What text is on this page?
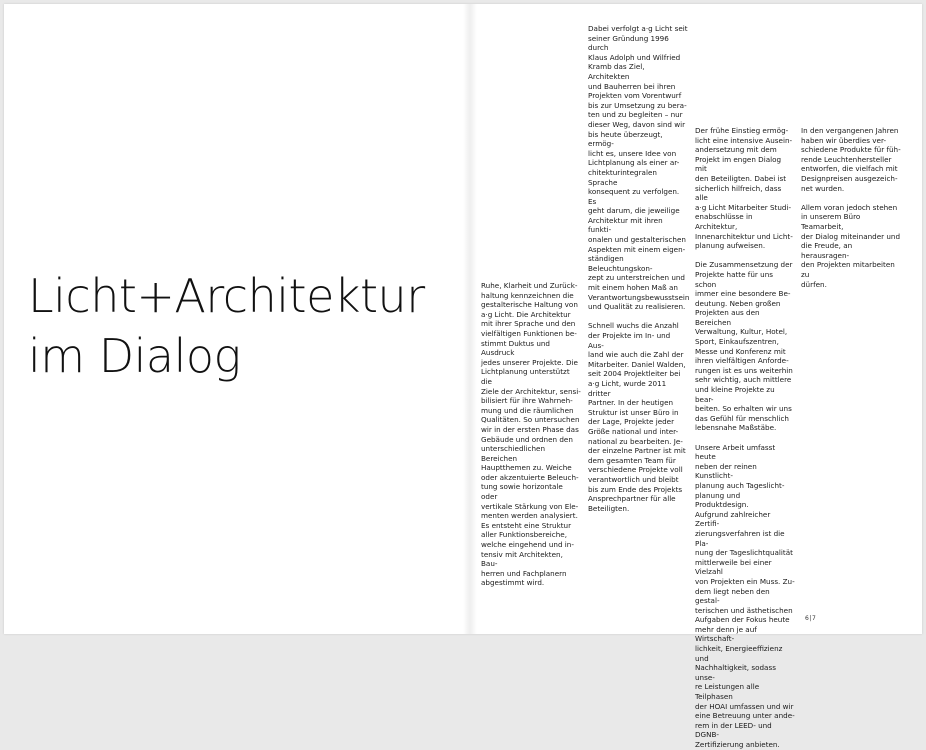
Licht+Architektur
im Dialog

Ruhe, Klarheit und Zurück-
haltung kennzeichnen die
gestalterische Haltung von
a·g Licht. Die Architektur
mit ihrer Sprache und den
vielfältigen Funktionen be-
stimmt Duktus und Ausdruck
jedes unserer Projekte. Die
Lichtplanung unterstützt die
Ziele der Architektur, sensi-
bilisiert für ihre Wahrneh-
mung und die räumlichen
Qualitäten. So untersuchen
wir in der ersten Phase das
Gebäude und ordnen den
unterschiedlichen Bereichen
Hauptthemen zu. Weiche
oder akzentuierte Beleuch-
tung sowie horizontale oder
vertikale Stärkung von Ele-
menten werden analysiert.
Es entsteht eine Struktur
aller Funktionsbereiche,
welche eingehend und in-
tensiv mit Architekten, Bau-
herren und Fachplanern
abgestimmt wird.

Dabei verfolgt a·g Licht seit
seiner Gründung 1996 durch
Klaus Adolph und Wilfried
Kramb das Ziel, Architekten
und Bauherren bei ihren
Projekten vom Vorentwurf
bis zur Umsetzung zu bera-
ten und zu begleiten – nur
dieser Weg, davon sind wir
bis heute überzeugt, ermög-
licht es, unsere Idee von
Lichtplanung als einer ar-
chitekturintegralen Sprache
konsequent zu verfolgen. Es
geht darum, die jeweilige
Architektur mit ihren funkti-
onalen und gestalterischen
Aspekten mit einem eigen-
ständigen Beleuchtungskon-
zept zu unterstreichen und
mit einem hohen Maß an
Verantwortungsbewusstsein
und Qualität zu realisieren.

Schnell wuchs die Anzahl
der Projekte im In- und Aus-
land wie auch die Zahl der
Mitarbeiter. Daniel Walden,
seit 2004 Projektleiter bei
a·g Licht, wurde 2011 dritter
Partner. In der heutigen
Struktur ist unser Büro in
der Lage, Projekte jeder
Größe national und inter-
national zu bearbeiten. Je-
der einzelne Partner ist mit
dem gesamten Team für
verschiedene Projekte voll
verantwortlich und bleibt
bis zum Ende des Projekts
Ansprechpartner für alle
Beteiligten.

Der frühe Einstieg ermög-
licht eine intensive Ausein-
andersetzung mit dem
Projekt im engen Dialog mit
den Beteiligten. Dabei ist
sicherlich hilfreich, dass alle
a·g Licht Mitarbeiter Studi-
enabschlüsse in Architektur,
Innenarchitektur und Licht-
planung aufweisen.

Die Zusammensetzung der
Projekte hatte für uns schon
immer eine besondere Be-
deutung. Neben großen
Projekten aus den Bereichen
Verwaltung, Kultur, Hotel,
Sport, Einkaufszentren,
Messe und Konferenz mit
ihren vielfältigen Anforde-
rungen ist es uns weiterhin
sehr wichtig, auch mittlere
und kleine Projekte zu bear-
beiten. So erhalten wir uns
das Gefühl für menschlich
lebensnahe Maßstäbe.

Unsere Arbeit umfasst heute
neben der reinen Kunstlicht-
planung auch Tageslicht-
planung und Produktdesign.
Aufgrund zahlreicher Zertifi-
zierungsverfahren ist die Pla-
nung der Tageslichtqualität
mittlerweile bei einer Vielzahl
von Projekten ein Muss. Zu-
dem liegt neben den gestal-
terischen und ästhetischen
Aufgaben der Fokus heute
mehr denn je auf Wirtschaft-
lichkeit, Energieeffizienz und
Nachhaltigkeit, sodass unse-
re Leistungen alle Teilphasen
der HOAI umfassen und wir
eine Betreuung unter ande-
rem in der LEED- und DGNB-
Zertifizierung anbieten.

In den vergangenen Jahren
haben wir überdies ver-
schiedene Produkte für füh-
rende Leuchtenhersteller
entworfen, die vielfach mit
Designpreisen ausgezeich-
net wurden.

Allem voran jedoch stehen
in unserem Büro Teamarbeit,
der Dialog miteinander und
die Freude, an herausragen-
den Projekten mitarbeiten zu
dürfen.

6|7
